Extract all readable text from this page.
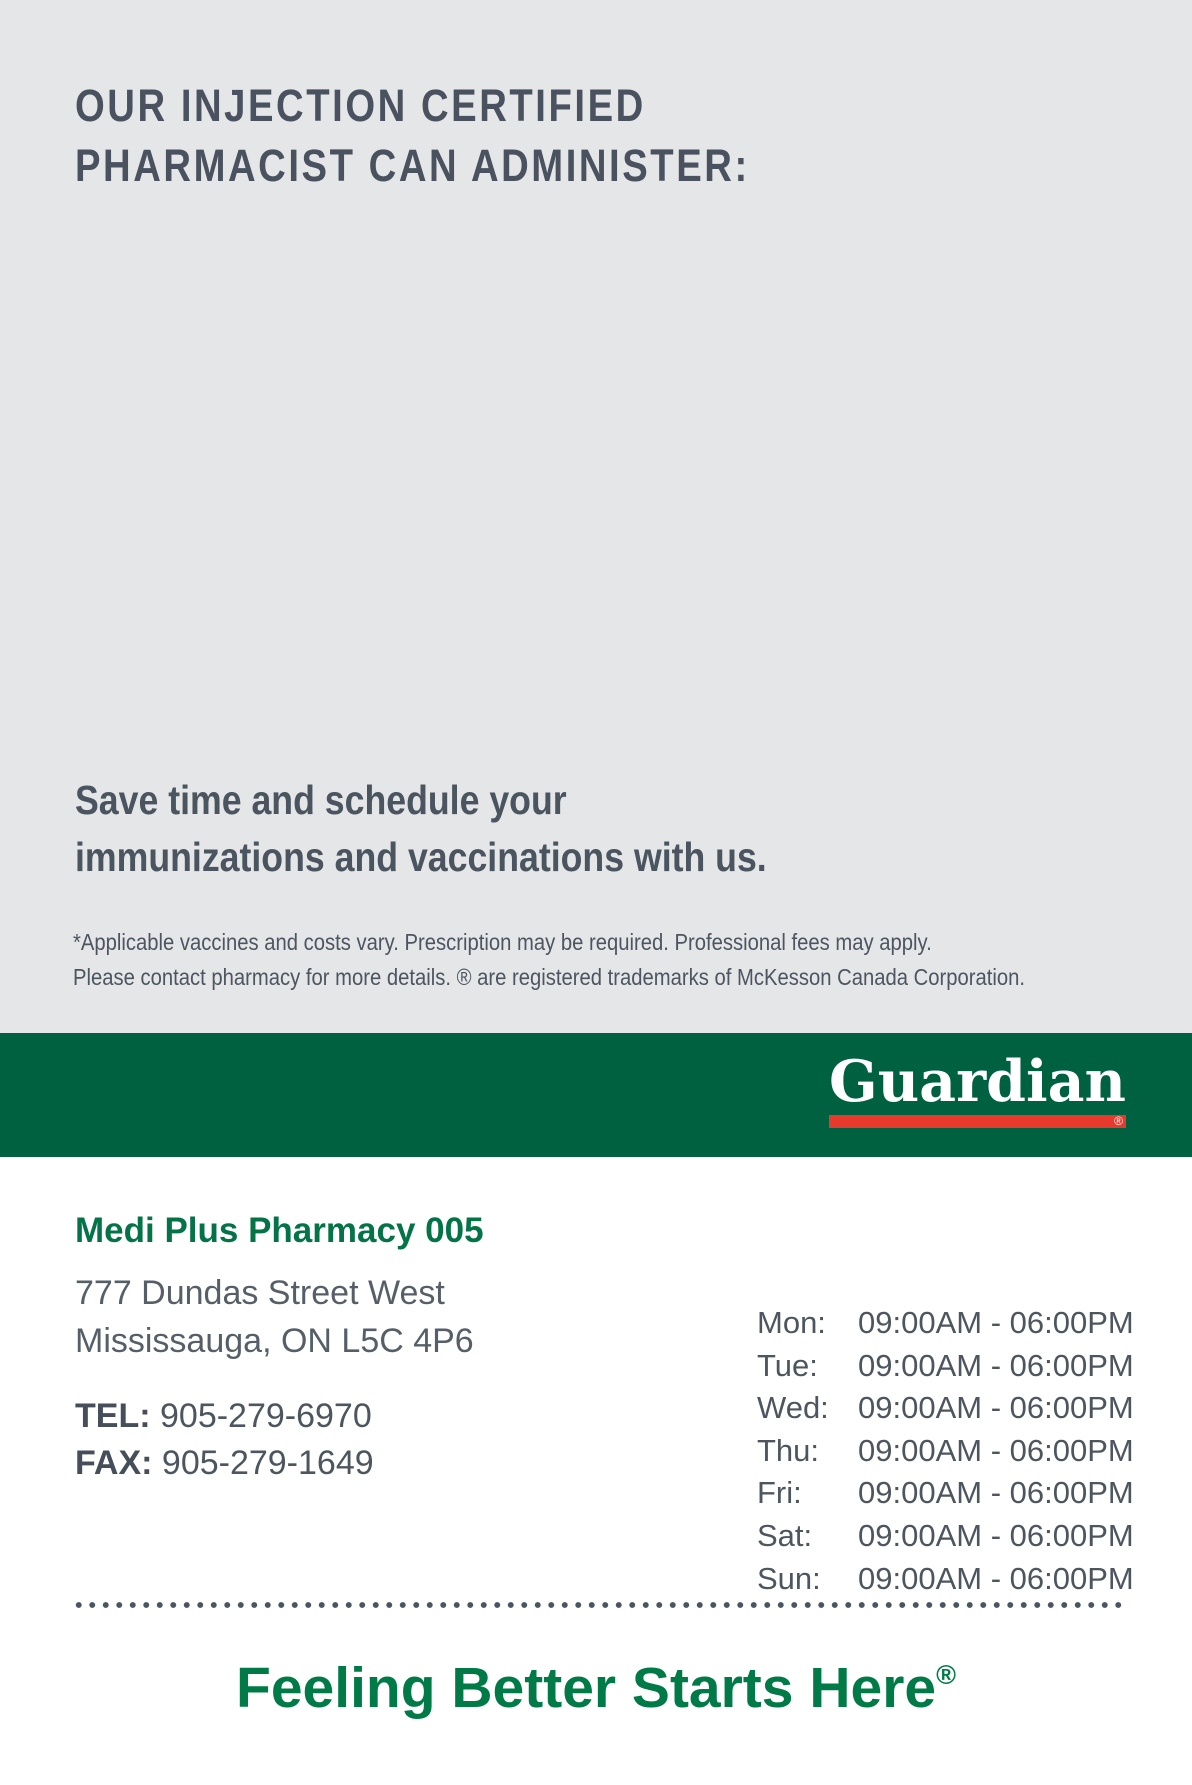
OUR INJECTION CERTIFIED
PHARMACIST CAN ADMINISTER:
Save time and schedule your
immunizations and vaccinations with us.
*Applicable vaccines and costs vary. Prescription may be required. Professional fees may apply.
Please contact pharmacy for more details. ® are registered trademarks of McKesson Canada Corporation.
Guardian
®

Medi Plus Pharmacy 005

777 Dundas Street West
Mississauga, ON L5C 4P6
TEL: 905-279-6970
FAX: 905-279-1649
Mon:	09:00AM - 06:00PM
Tue:	09:00AM - 06:00PM
Wed: 09:00AM - 06:00PM
Thu:	09:00AM - 06:00PM
Fri:	09:00AM - 06:00PM
Sat:	09:00AM - 06:00PM
Sun:	09:00AM - 06:00PM

Feeling Better Starts Here®
